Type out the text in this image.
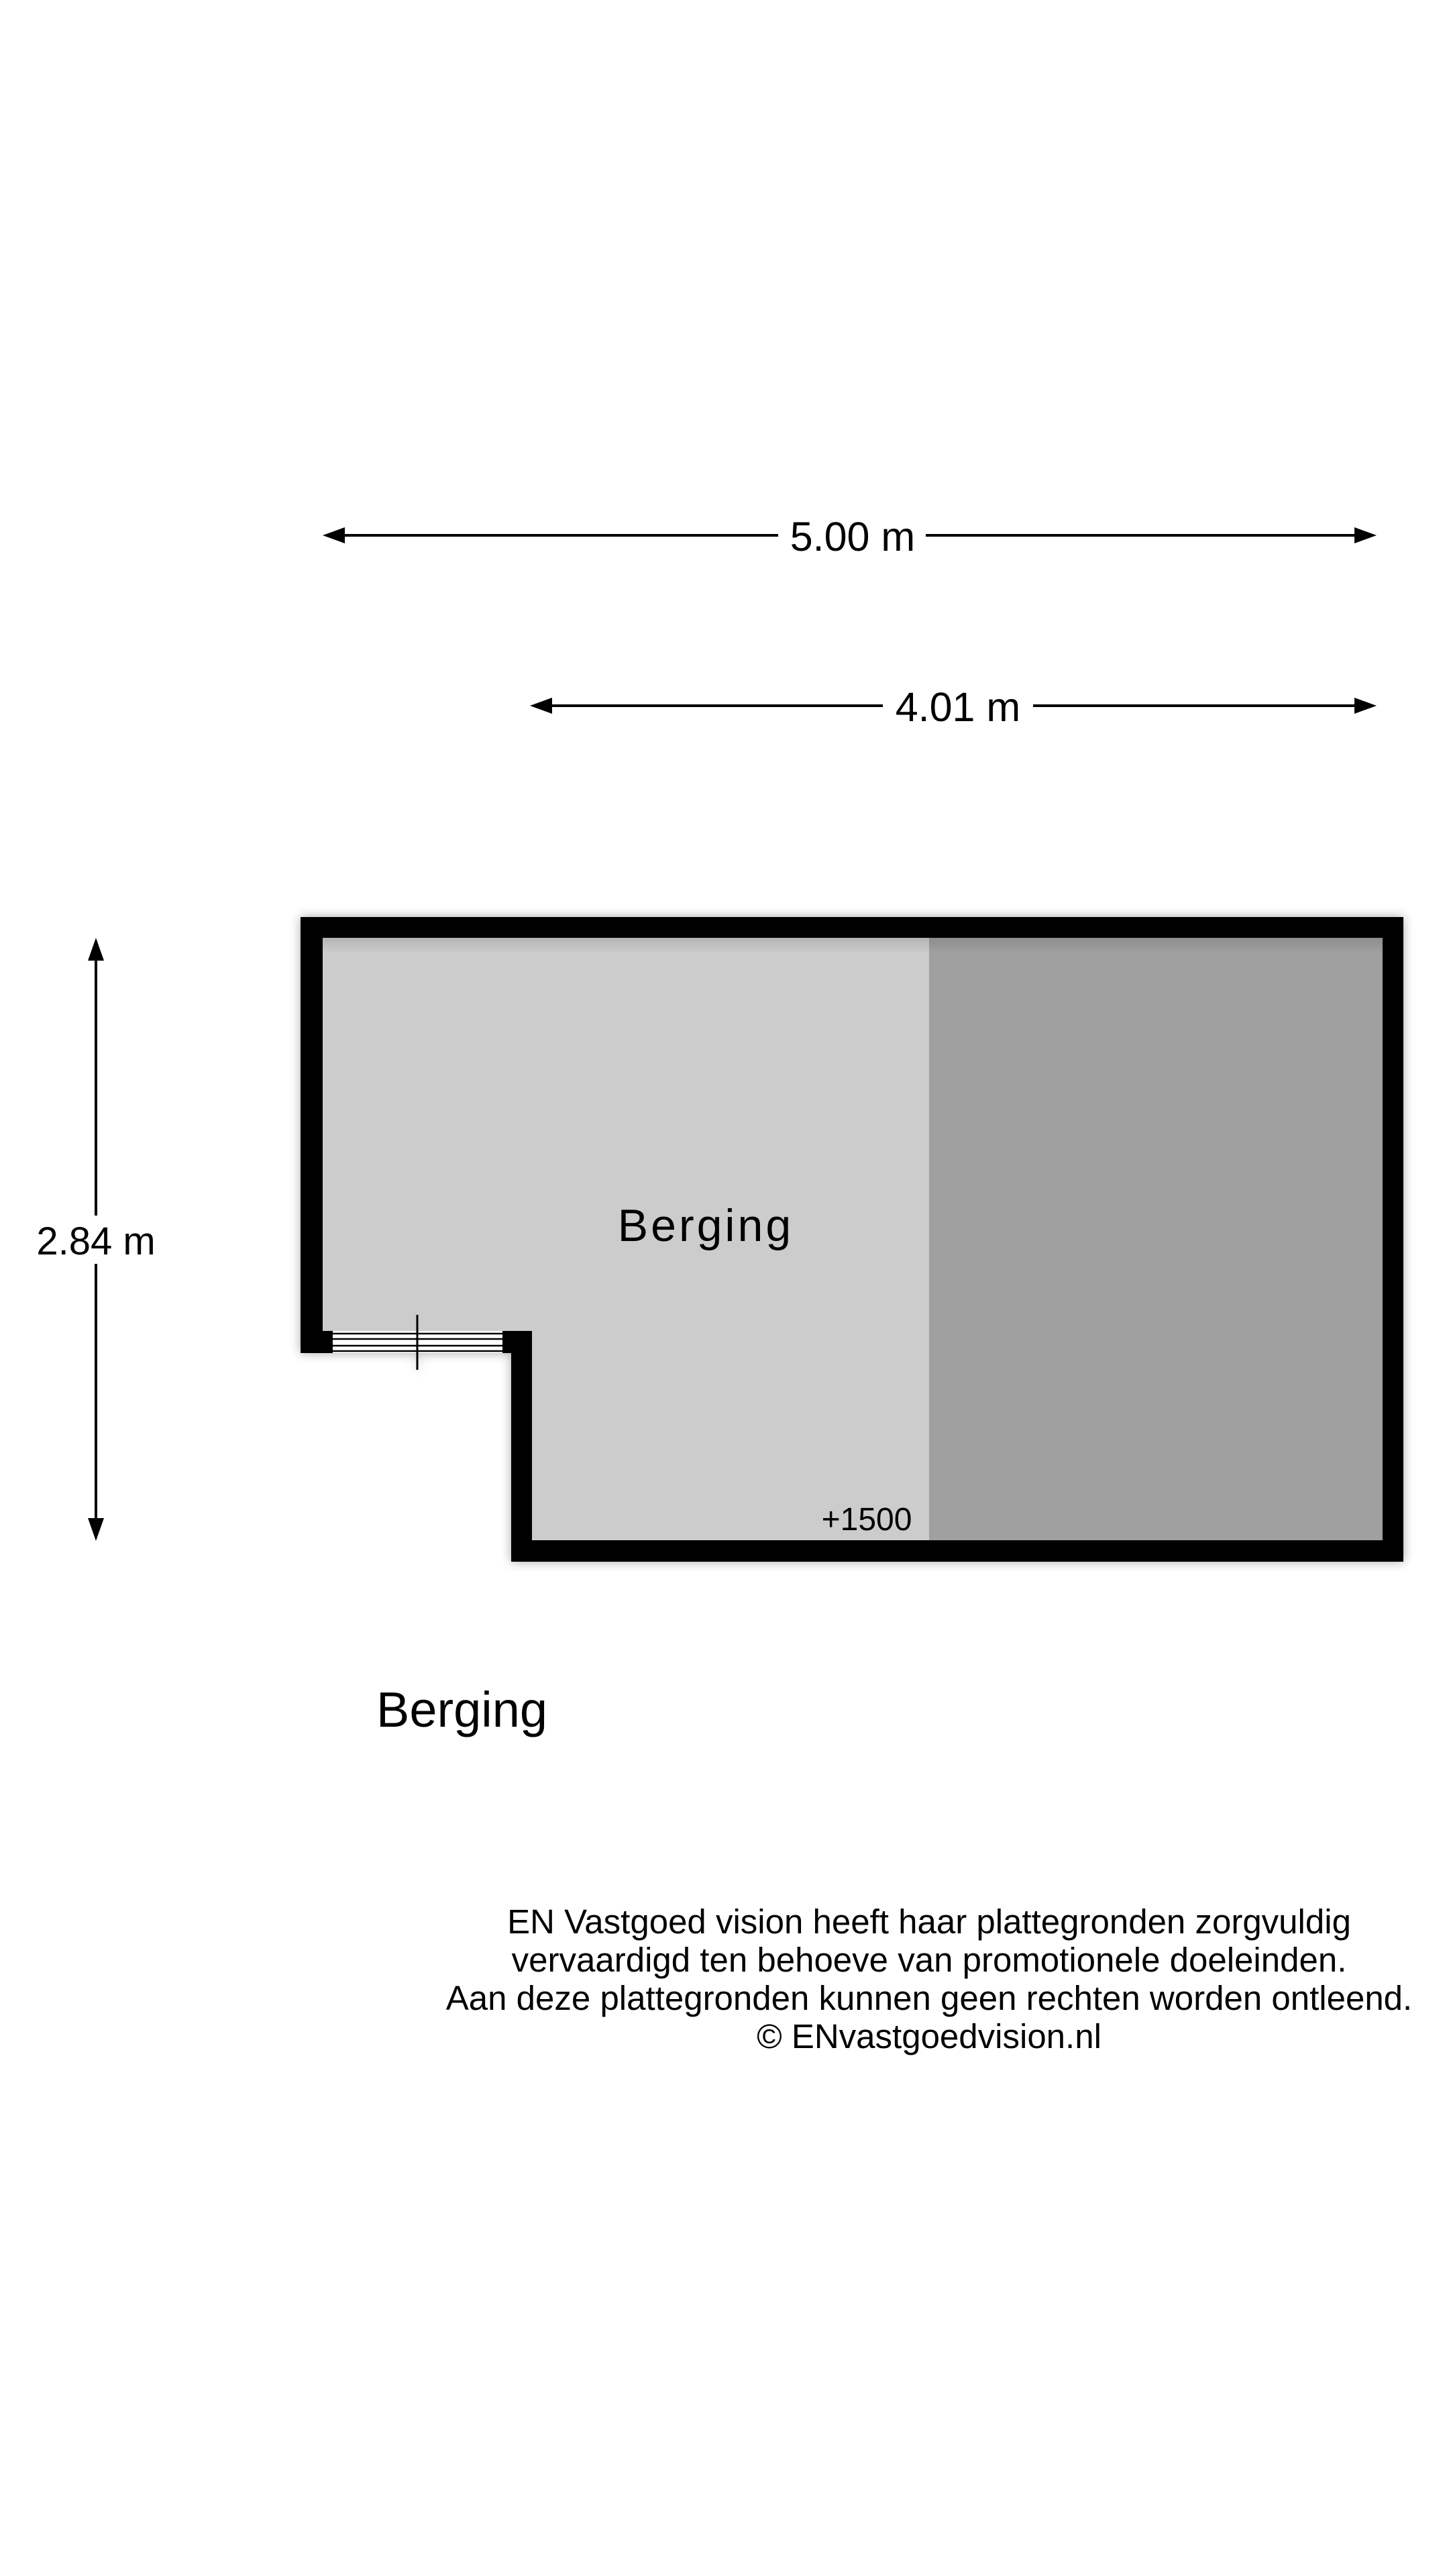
5.00 m
4.01 m
2.84 m	Berging
+1500
Berging
EN Vastgoed vision heeft haar plattegronden zorgvuldig
vervaardigd ten behoeve van promotionele doeleinden.
Aan deze plattegronden kunnen geen rechten worden ontleend.
© ENvastgoedvision.nl
